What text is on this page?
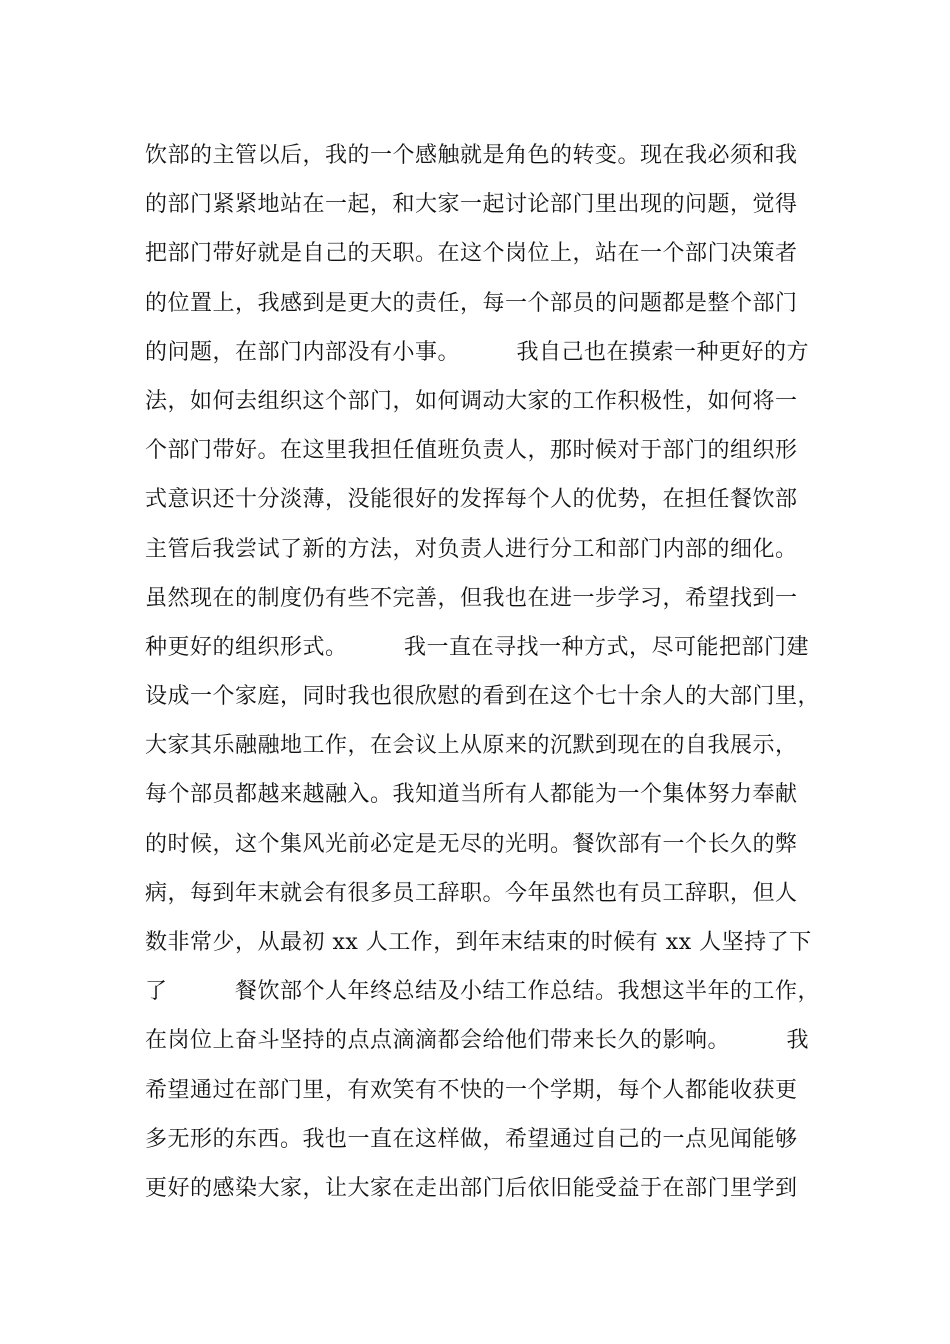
饮部的主管以后，我的一个感触就是角色的转变。现在我必须和我
的部门紧紧地站在一起，和大家一起讨论部门里出现的问题，觉得
把部门带好就是自己的天职。在这个岗位上，站在一个部门决策者
的位置上，我感到是更大的责任，每一个部员的问题都是整个部门
的问题，在部门内部没有小事。　　　我自己也在摸索一种更好的方
法，如何去组织这个部门，如何调动大家的工作积极性，如何将一
个部门带好。在这里我担任值班负责人，那时候对于部门的组织形
式意识还十分淡薄，没能很好的发挥每个人的优势，在担任餐饮部
主管后我尝试了新的方法，对负责人进行分工和部门内部的细化。
虽然现在的制度仍有些不完善，但我也在进一步学习，希望找到一
种更好的组织形式。　　　我一直在寻找一种方式，尽可能把部门建
设成一个家庭，同时我也很欣慰的看到在这个七十余人的大部门里，
大家其乐融融地工作，在会议上从原来的沉默到现在的自我展示，
每个部员都越来越融入。我知道当所有人都能为一个集体努力奉献
的时候，这个集风光前必定是无尽的光明。餐饮部有一个长久的弊
病，每到年末就会有很多员工辞职。今年虽然也有员工辞职，但人
数非常少，从最初 xx 人工作，到年末结束的时候有 xx 人坚持了下
了　　　餐饮部个人年终总结及小结工作总结。我想这半年的工作，
在岗位上奋斗坚持的点点滴滴都会给他们带来长久的影响。　　　我
希望通过在部门里，有欢笑有不快的一个学期，每个人都能收获更
多无形的东西。我也一直在这样做，希望通过自己的一点见闻能够
更好的感染大家，让大家在走出部门后依旧能受益于在部门里学到
